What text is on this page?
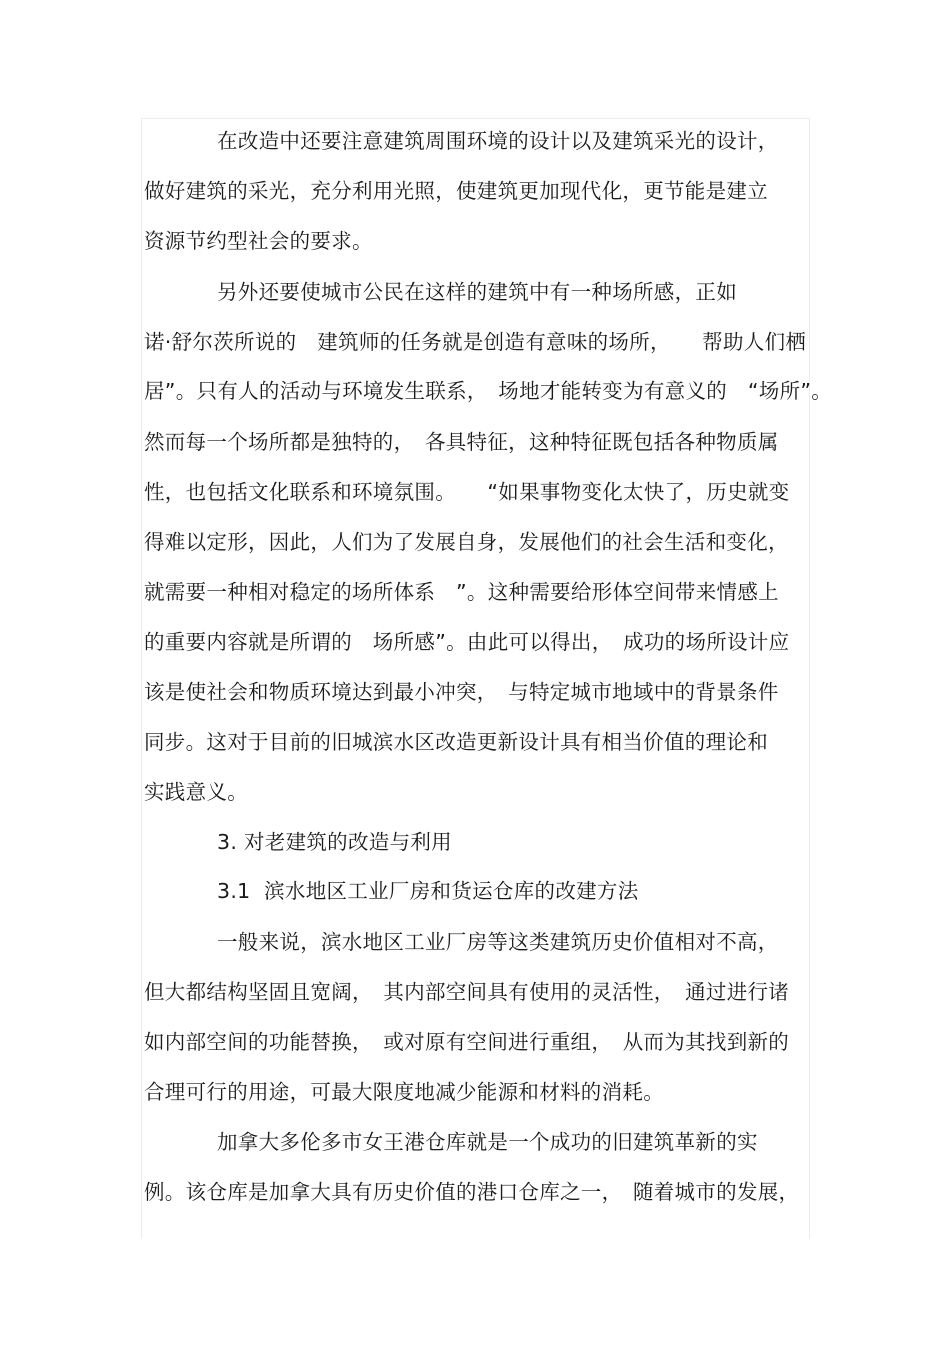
在改造中还要注意建筑周围环境的设计以及建筑采光的设计，
做好建筑的采光，充分利用光照，使建筑更加现代化，更节能是建立
资源节约型社会的要求。
另外还要使城市公民在这样的建筑中有一种场所感，正如
诺·舒尔茨所说的　建筑师的任务就是创造有意味的场所，　　帮助人们栖
居”。只有人的活动与环境发生联系，　场地才能转变为有意义的　“场所”。
然而每一个场所都是独特的，　各具特征，这种特征既包括各种物质属
性，也包括文化联系和环境氛围。　　“如果事物变化太快了，历史就变
得难以定形，因此，人们为了发展自身，发展他们的社会生活和变化，
就需要一种相对稳定的场所体系　”。这种需要给形体空间带来情感上
的重要内容就是所谓的　场所感”。由此可以得出，　成功的场所设计应
该是使社会和物质环境达到最小冲突，　与特定城市地域中的背景条件
同步。这对于目前的旧城滨水区改造更新设计具有相当价值的理论和
实践意义。
3. 对老建筑的改造与利用
3.1  滨水地区工业厂房和货运仓库的改建方法
一般来说，滨水地区工业厂房等这类建筑历史价值相对不高，
但大都结构坚固且宽阔，　其内部空间具有使用的灵活性，　通过进行诸
如内部空间的功能替换，　或对原有空间进行重组，　从而为其找到新的
合理可行的用途，可最大限度地减少能源和材料的消耗。
加拿大多伦多市女王港仓库就是一个成功的旧建筑革新的实
例。该仓库是加拿大具有历史价值的港口仓库之一，　随着城市的发展，
